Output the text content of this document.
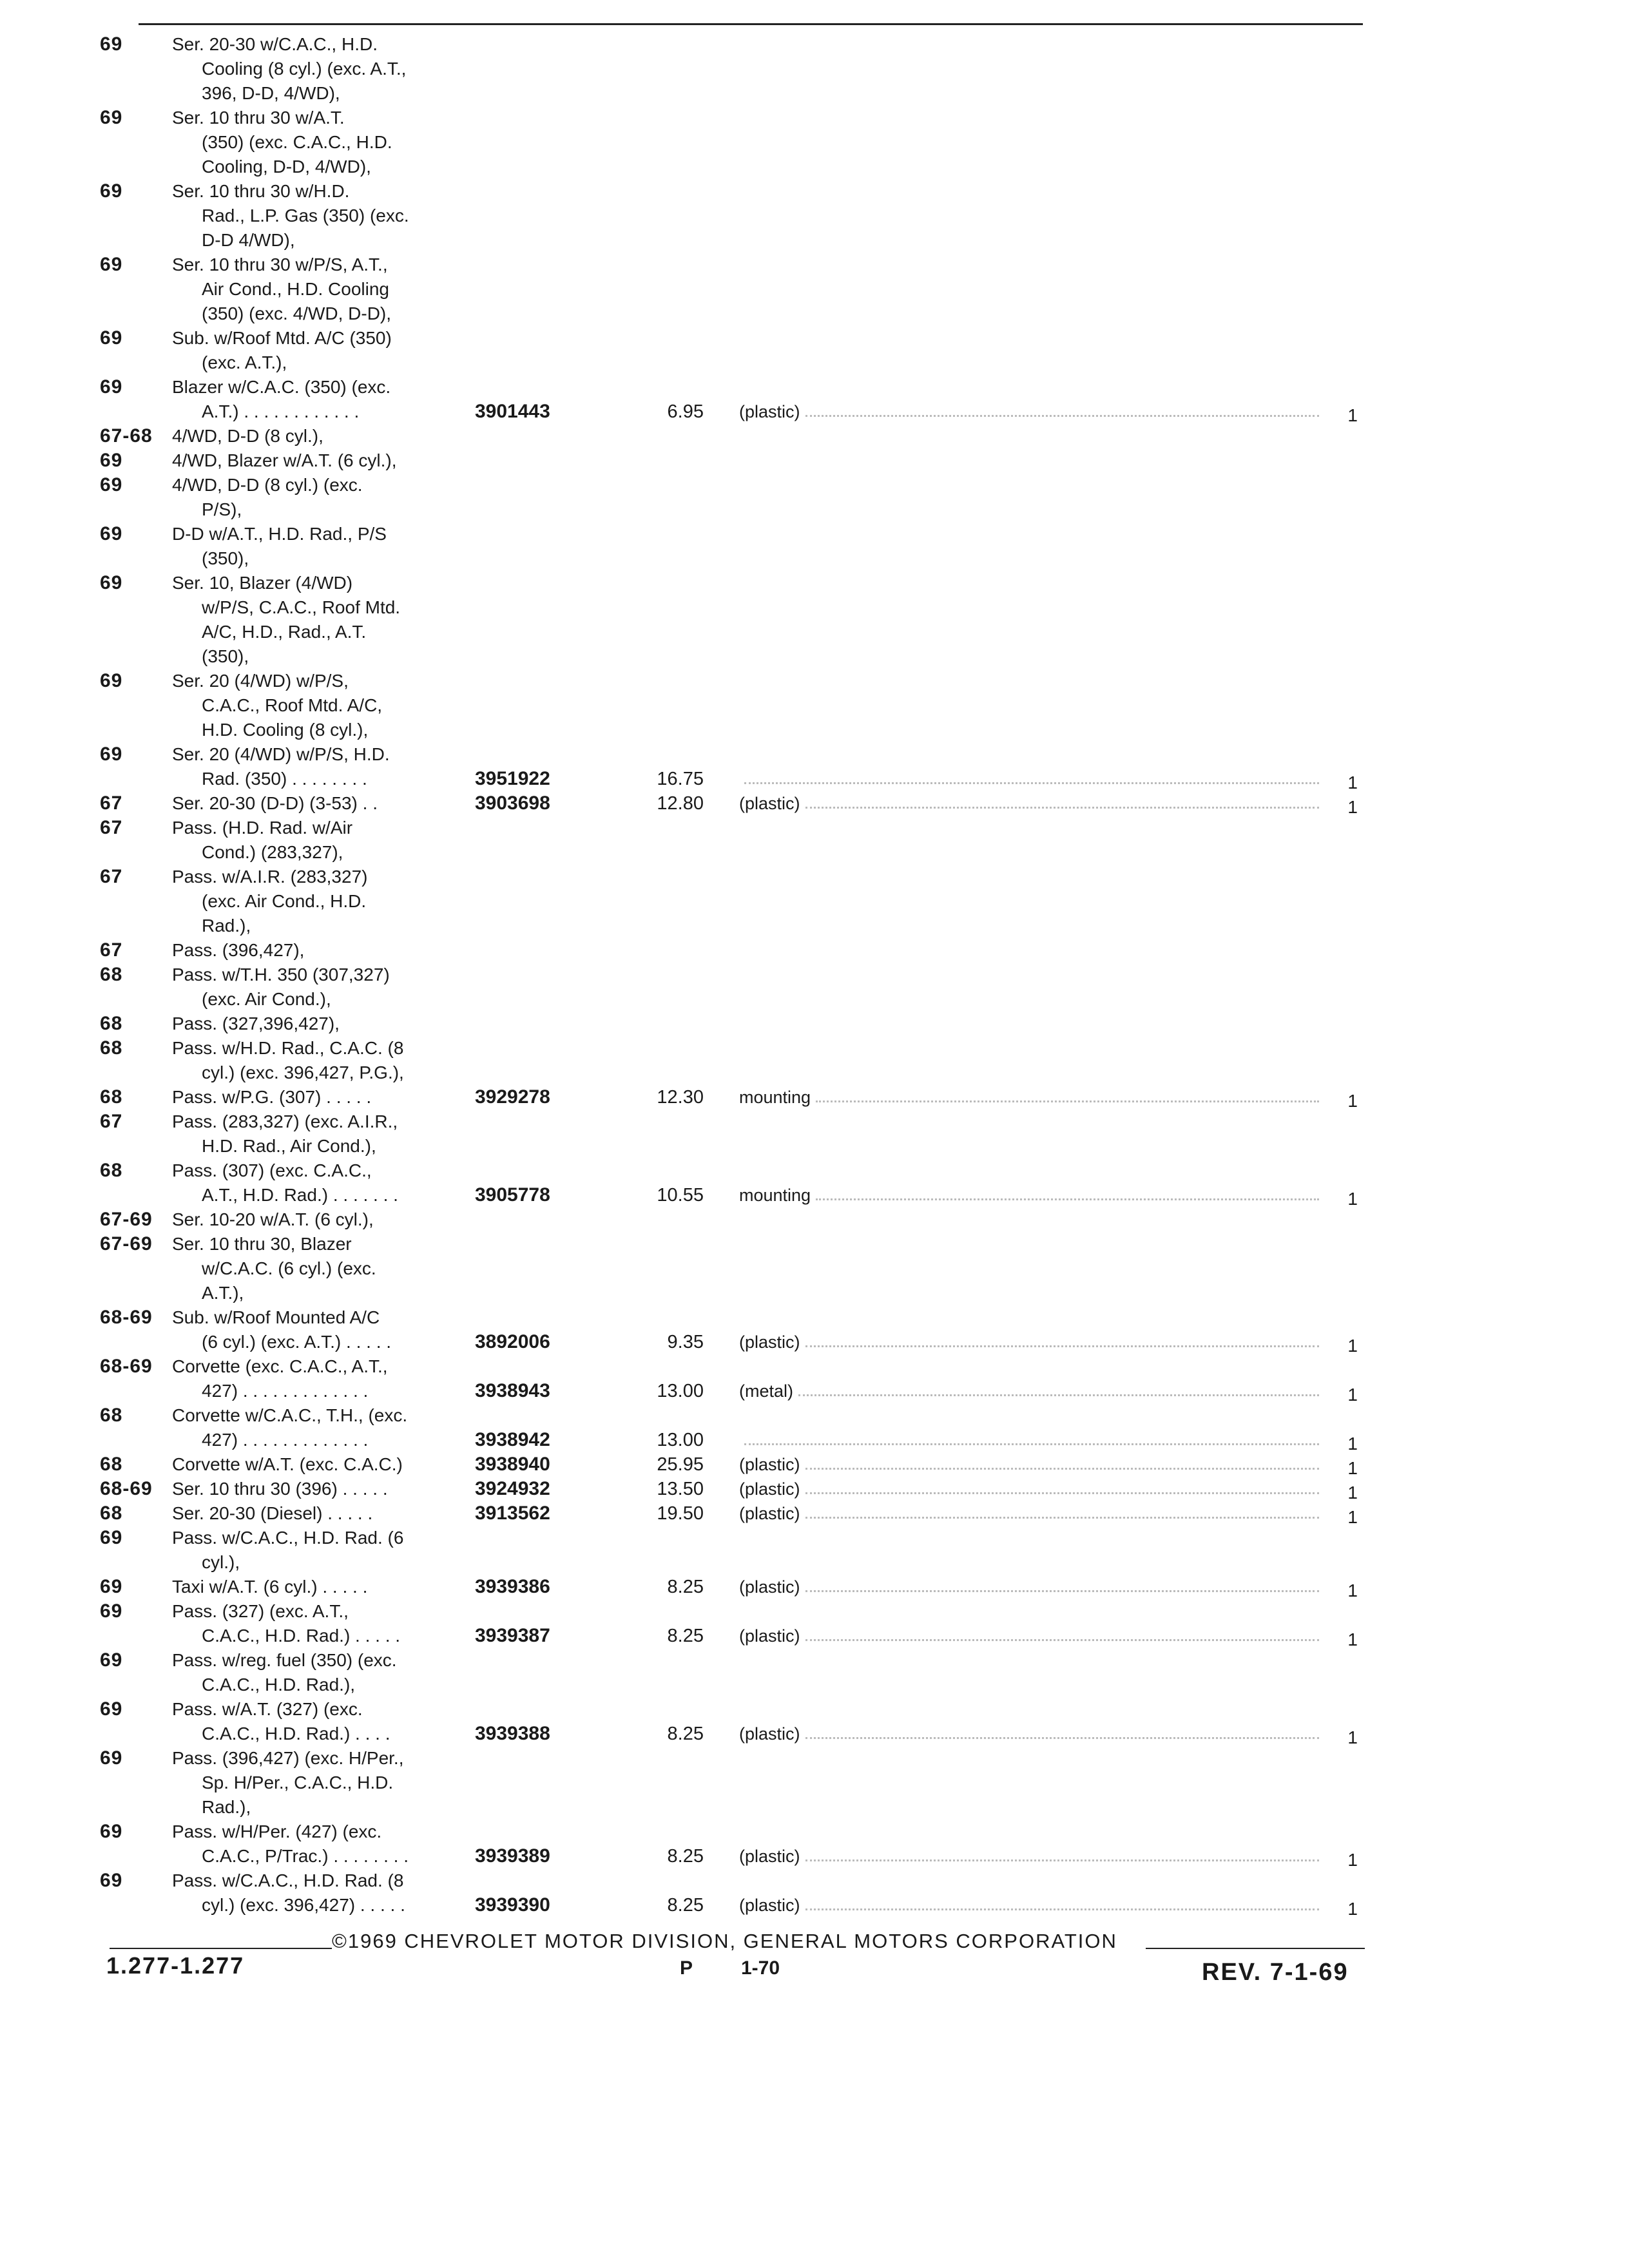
69	Ser. 20-30 w/C.A.C., H.D.
Cooling (8 cyl.) (exc. A.T.,
396, D-D, 4/WD),
69	Ser. 10 thru 30 w/A.T.
(350) (exc. C.A.C., H.D.
Cooling, D-D, 4/WD),
69	Ser. 10 thru 30 w/H.D.
Rad., L.P. Gas (350) (exc.
D-D 4/WD),
69	Ser. 10 thru 30 w/P/S, A.T.,
Air Cond., H.D. Cooling
(350) (exc. 4/WD, D-D),
69	Sub. w/Roof Mtd. A/C (350)
(exc. A.T.),
69	Blazer w/C.A.C. (350) (exc.
A.T.) . . . . . . . . . . . .	3901443	6.95 (plastic)	1
67-68	4/WD, D-D (8 cyl.),
69	4/WD, Blazer w/A.T. (6 cyl.),
69	4/WD, D-D (8 cyl.) (exc.
P/S),
69	D-D w/A.T., H.D. Rad., P/S
(350),
69	Ser. 10, Blazer (4/WD)
w/P/S, C.A.C., Roof Mtd.
A/C, H.D., Rad., A.T.
(350),
69	Ser. 20 (4/WD) w/P/S,
C.A.C., Roof Mtd. A/C,
H.D. Cooling (8 cyl.),
69	Ser. 20 (4/WD) w/P/S, H.D.
Rad. (350) . . . . . . . .	3951922	16.75	1
67	Ser. 20-30 (D-D) (3-53) . .	3903698	12.80 (plastic)	1
67	Pass. (H.D. Rad. w/Air
Cond.) (283,327),
67	Pass. w/A.I.R. (283,327)
(exc. Air Cond., H.D.
Rad.),
67	Pass. (396,427),
68	Pass. w/T.H. 350 (307,327)
(exc. Air Cond.),
68	Pass. (327,396,427),
68	Pass. w/H.D. Rad., C.A.C. (8
cyl.) (exc. 396,427, P.G.),
68	Pass. w/P.G. (307) . . . . .	3929278	12.30 mounting	1
67	Pass. (283,327) (exc. A.I.R.,
H.D. Rad., Air Cond.),
68	Pass. (307) (exc. C.A.C.,
A.T., H.D. Rad.) . . . . . . .	3905778	10.55 mounting	1
67-69	Ser. 10-20 w/A.T. (6 cyl.),
67-69	Ser. 10 thru 30, Blazer
w/C.A.C. (6 cyl.) (exc.
A.T.),
68-69	Sub. w/Roof Mounted A/C
(6 cyl.) (exc. A.T.) . . . . .	3892006	9.35 (plastic)	1
68-69	Corvette (exc. C.A.C., A.T.,
427) . . . . . . . . . . . . .	3938943	13.00 (metal)	1
68	Corvette w/C.A.C., T.H., (exc.
427) . . . . . . . . . . . . .	3938942	13.00	1
68	Corvette w/A.T. (exc. C.A.C.)	3938940	25.95 (plastic)	1
68-69	Ser. 10 thru 30 (396) . . . . .	3924932	13.50 (plastic)	1
68	Ser. 20-30 (Diesel) . . . . .	3913562	19.50 (plastic)	1
69	Pass. w/C.A.C., H.D. Rad. (6
cyl.),
69	Taxi w/A.T. (6 cyl.) . . . . .	3939386	8.25 (plastic)	1
69	Pass. (327) (exc. A.T.,
C.A.C., H.D. Rad.) . . . . .	3939387	8.25 (plastic)	1
69	Pass. w/reg. fuel (350) (exc.
C.A.C., H.D. Rad.),
69	Pass. w/A.T. (327) (exc.
C.A.C., H.D. Rad.) . . . .	3939388	8.25 (plastic)	1
69	Pass. (396,427) (exc. H/Per.,
Sp. H/Per., C.A.C., H.D.
Rad.),
69	Pass. w/H/Per. (427) (exc.
C.A.C., P/Trac.) . . . . . . . .	3939389	8.25 (plastic)	1
69	Pass. w/C.A.C., H.D. Rad. (8
cyl.) (exc. 396,427) . . . . .	3939390	8.25 (plastic)	1
©1969 CHEVROLET MOTOR DIVISION, GENERAL MOTORS CORPORATION
1.277-1.277	P 1-70	REV. 7-1-69
